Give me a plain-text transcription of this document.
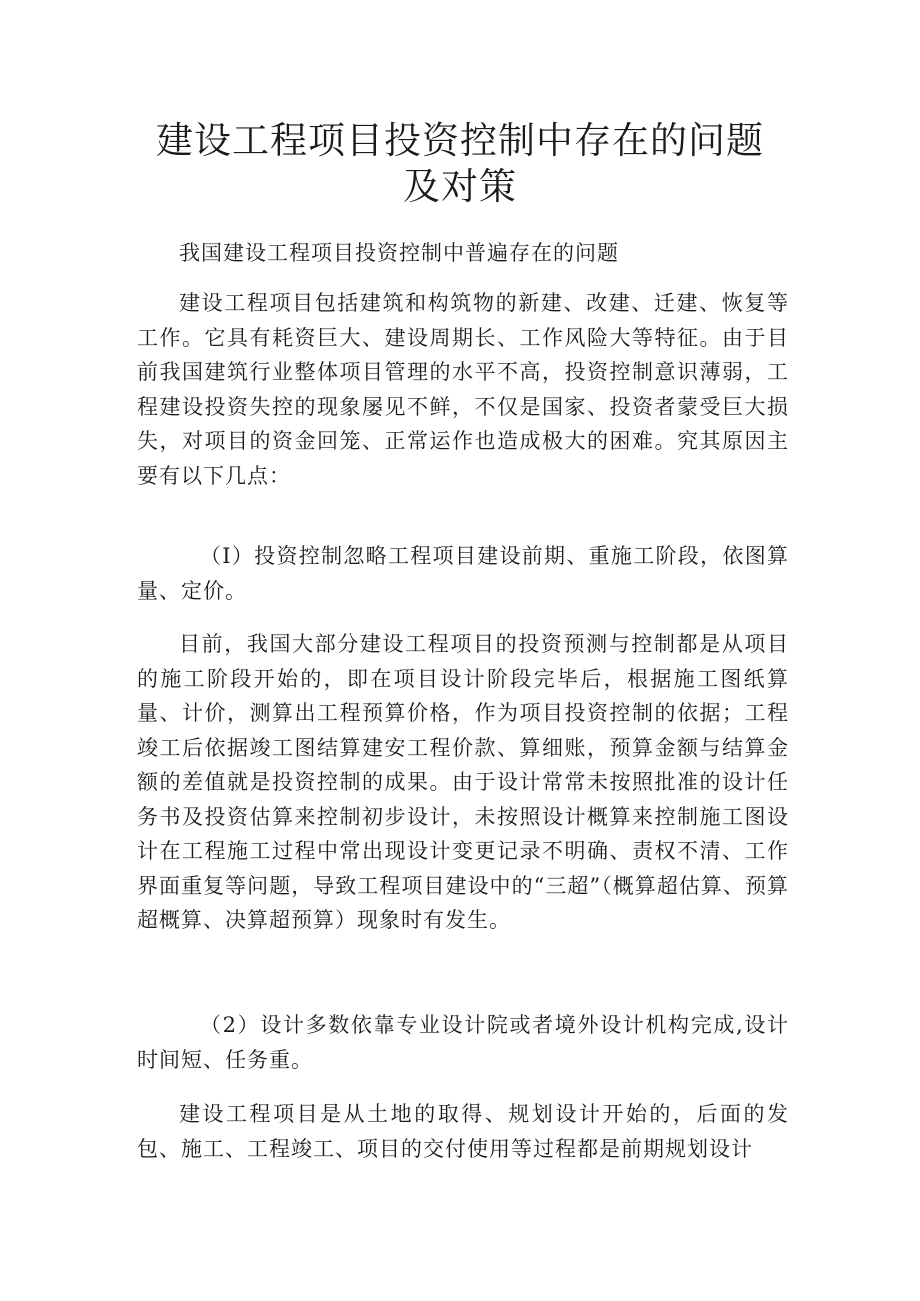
建设工程项目投资控制中存在的问题及对策

我国建设工程项目投资控制中普遍存在的问题

建设工程项目包括建筑和构筑物的新建、改建、迁建、恢复等工作。它具有耗资巨大、建设周期长、工作风险大等特征。由于目前我国建筑行业整体项目管理的水平不高，投资控制意识薄弱，工程建设投资失控的现象屡见不鲜，不仅是国家、投资者蒙受巨大损失，对项目的资金回笼、正常运作也造成极大的困难。究其原因主要有以下几点：

（I）投资控制忽略工程项目建设前期、重施工阶段，依图算量、定价。

目前，我国大部分建设工程项目的投资预测与控制都是从项目的施工阶段开始的，即在项目设计阶段完毕后，根据施工图纸算量、计价，测算出工程预算价格，作为项目投资控制的依据；工程竣工后依据竣工图结算建安工程价款、算细账，预算金额与结算金额的差值就是投资控制的成果。由于设计常常未按照批准的设计任务书及投资估算来控制初步设计，未按照设计概算来控制施工图设计在工程施工过程中常出现设计变更记录不明确、责权不清、工作界面重复等问题，导致工程项目建设中的“三超”（概算超估算、预算超概算、决算超预算）现象时有发生。

（2）设计多数依靠专业设计院或者境外设计机构完成,设计时间短、任务重。

建设工程项目是从土地的取得、规划设计开始的，后面的发包、施工、工程竣工、项目的交付使用等过程都是前期规划设计
